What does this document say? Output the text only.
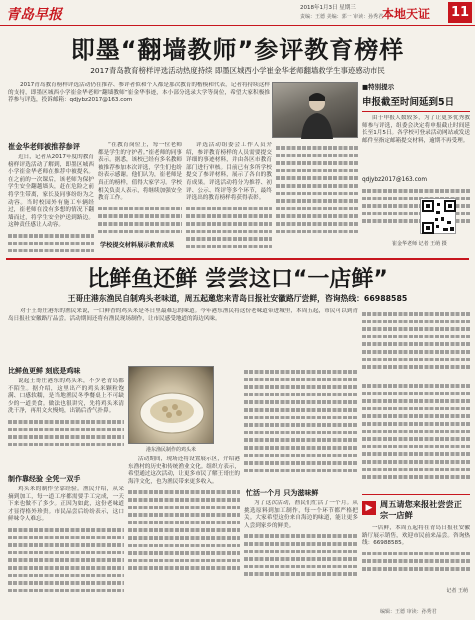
青岛早报	2018年1月3日 星期三
责编：王德 美编：郭一 审读：孙秀君
本地天证 11
即墨“翻墙教师”参评教育榜样
2017青岛教育榜样评选活动热度持续 即墨区城西小学崔金华老师翻墙救学生事迹感动市民
2017青岛教育榜样评选活动仍在推荐、参评者似和个人都是那次教育的楷模和代表，记者将持续这样的支持，即墨区城西小学崔金华老师“翻墙教师”崔金华事迹，本小部分选录大学等岗位，希望大家积极推荐参与评选，投诉邮箱：qdjybz2017@163.com
■特別提示
申报截至时间延到5日
由于申报人数较多，为了让更多优秀教师参与评选，组委会决定将申报截止时间延长至1月5日。各学校可登录活动网站或发送邮件至指定邮箱提交材料，逾期不再受理。
qdjybz2017@163.com
崔金华老师被推荐参评
近日，记者从2017年度的教育榜样评选活动了解到，即墨区城西小学崔金华老师在推荐中被提名。在之前的一次课后，该老师为保护学生安全翻越墙头，赶在危险之前将学生带离，家长及同事纷纷为之动容。当时校园外有施工车辆经过，崔老师在没有多想的情况下翻墙而过，将学生安全护送到路边。这种责任感让人动容。
“在教育岗位上，每一位老师都是学生的守护者。”崔老师的同事表示。据悉，该校已经有多名教师被推荐参加本次评选，学生们也纷纷表示感谢。他们认为，崔老师是真正的榜样，值得大家学习。学校相关负责人表示，将继续加强安全教育工作。
学校提交材料展示教育成果
评选活动组委会工作人员介绍，参评教育榜样的人员需要提交详细的事迹材料，并由各区市教育部门进行审核。目前已有多所学校提交了参评材料，展示了各自的教育成果。评选活动将分为推荐、初评、公示、终评等多个环节，最终评选出的教育榜样将获得表彰。
崔金华老师 记者 王萌 摄
比鲜鱼还鲜 尝尝这口“一店鲜”
王哥庄港东渔民自制鸡头老味道，周五起邀您来青岛日报社安徽路厅尝鲜，咨询热线：66988585
对于王哥庄港东的渔民来说，一口鲜香的鸡头米是冬日里最难忘的味道。今年港东渔民将这份老味道带进城里，本周五起，市民可以到青岛日报社安徽路厅品尝。活动期间还将有渔民现场制作，让市民感受地道的海边风味。
港东渔民制作的鸡头米
比鲜鱼更鲜 刻底是鸡味
说起王哥庄港东的鸡头米，不少老青岛都不陌生。据介绍，这里出产的鸡头米颗粒饱满、口感软糯，是当地渔民冬季餐桌上不可缺少的一道美食。做法也很讲究，先将鸡头米清洗干净，再用文火慢炖，出锅后香气扑鼻。
制作靠经验 全凭一双手
鸡头米的制作全靠经验。渔民介绍，从采摘到加工，每一道工序都需要手工完成，一天下来也做不了多少。正因为如此，这份老味道才显得格外珍贵。市民品尝后纷纷表示，这口鲜味令人难忘。
活动期间，现场还将设置展示区，介绍港东渔村的历史和传统渔业文化。组织方表示，希望通过这次活动，让更多市民了解王哥庄的海洋文化，也为渔民带来更多收入。
忙活一个月 只为滋味鲜
为了这次活动，渔民们忙活了一个月。从挑选原料到加工制作，每一个环节都严格把关。大家希望这份来自海边的味道，能让更多人尝到家乡的鲜美。
▶ 周五请您来报社尝尝正宗一店鲜
一店鲜，本周五起将在青岛日报社安徽路厅展示销售，欢迎市民前来品尝。咨询热线：66988585。
记者 王萌
编辑：王德 审读：孙秀君
